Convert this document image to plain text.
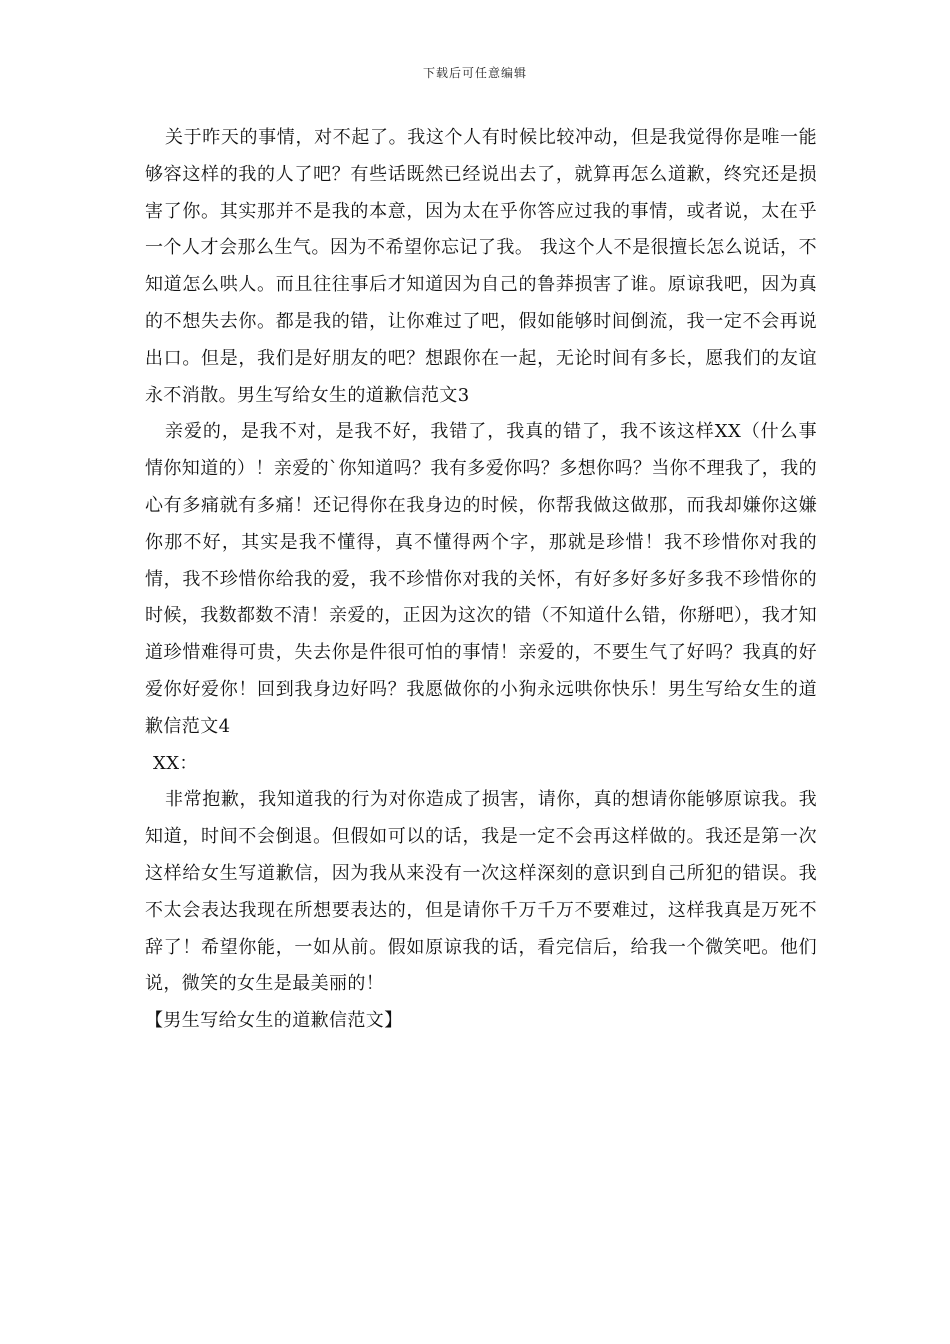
下载后可任意编辑

关于昨天的事情，对不起了。我这个人有时候比较冲动，但是我觉得你是唯一能够容这样的我的人了吧？有些话既然已经说出去了，就算再怎么道歉，终究还是损害了你。其实那并不是我的本意，因为太在乎你答应过我的事情，或者说，太在乎一个人才会那么生气。因为不希望你忘记了我。 我这个人不是很擅长怎么说话，不知道怎么哄人。而且往往事后才知道因为自己的鲁莽损害了谁。原谅我吧，因为真的不想失去你。都是我的错，让你难过了吧，假如能够时间倒流，我一定不会再说出口。但是，我们是好朋友的吧？想跟你在一起，无论时间有多长，愿我们的友谊永不消散。男生写给女生的道歉信范文3

亲爱的，是我不对，是我不好，我错了，我真的错了，我不该这样XX（什么事情你知道的）！亲爱的`你知道吗？我有多爱你吗？多想你吗？当你不理我了，我的心有多痛就有多痛！还记得你在我身边的时候，你帮我做这做那，而我却嫌你这嫌你那不好，其实是我不懂得，真不懂得两个字，那就是珍惜！我不珍惜你对我的情，我不珍惜你给我的爱，我不珍惜你对我的关怀，有好多好多好多我不珍惜你的时候，我数都数不清！亲爱的，正因为这次的错（不知道什么错，你掰吧），我才知道珍惜难得可贵，失去你是件很可怕的事情！亲爱的，不要生气了好吗？我真的好爱你好爱你！回到我身边好吗？我愿做你的小狗永远哄你快乐！男生写给女生的道歉信范文4

XX：

非常抱歉，我知道我的行为对你造成了损害，请你，真的想请你能够原谅我。我知道，时间不会倒退。但假如可以的话，我是一定不会再这样做的。我还是第一次这样给女生写道歉信，因为我从来没有一次这样深刻的意识到自己所犯的错误。我不太会表达我现在所想要表达的，但是请你千万千万不要难过，这样我真是万死不辞了！希望你能，一如从前。假如原谅我的话，看完信后，给我一个微笑吧。他们说，微笑的女生是最美丽的！

【男生写给女生的道歉信范文】
